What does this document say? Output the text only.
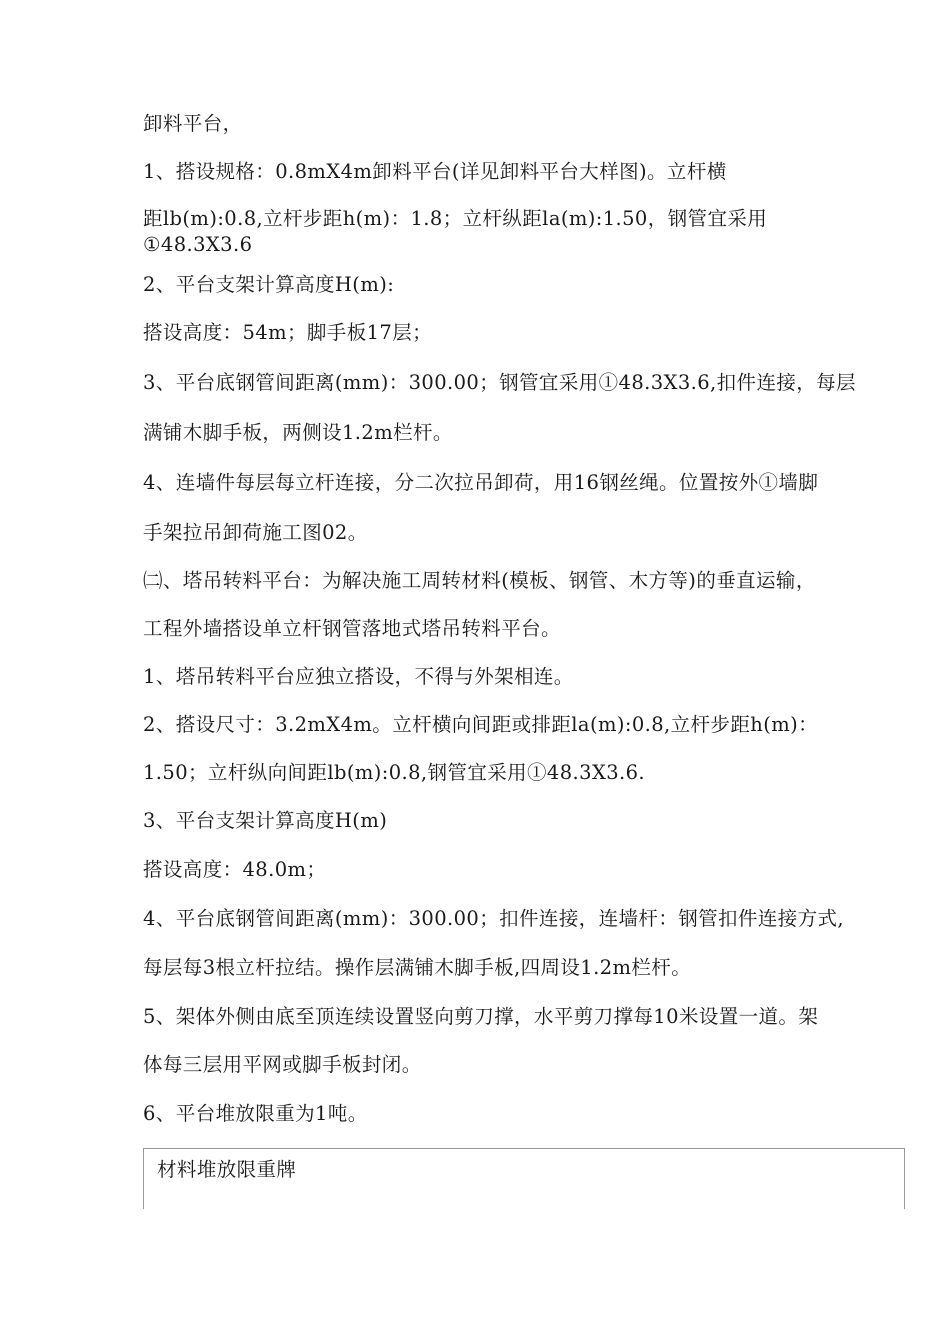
卸料平台，
1、搭设规格：0.8mX4m卸料平台(详见卸料平台大样图)。立杆横
距lb(m):0.8,立杆步距h(m)：1.8；立杆纵距la(m):1.50，钢管宜采用
①48.3X3.6
2、平台支架计算高度H(m):
搭设高度：54m；脚手板17层；
3、平台底钢管间距离(mm)：300.00；钢管宜采用①48.3X3.6,扣件连接，每层
满铺木脚手板，两侧设1.2m栏杆。
4、连墙件每层每立杆连接，分二次拉吊卸荷，用16钢丝绳。位置按外①墙脚
手架拉吊卸荷施工图02。
㈡、塔吊转料平台：为解决施工周转材料(模板、钢管、木方等)的垂直运输，
工程外墙搭设单立杆钢管落地式塔吊转料平台。
1、塔吊转料平台应独立搭设，不得与外架相连。
2、搭设尺寸：3.2mX4m。立杆横向间距或排距la(m):0.8,立杆步距h(m)：
1.50；立杆纵向间距lb(m):0.8,钢管宜采用①48.3X3.6.
3、平台支架计算高度H(m)
搭设高度：48.0m；
4、平台底钢管间距离(mm)：300.00；扣件连接，连墙杆：钢管扣件连接方式,
每层每3根立杆拉结。操作层满铺木脚手板,四周设1.2m栏杆。
5、架体外侧由底至顶连续设置竖向剪刀撑，水平剪刀撑每10米设置一道。架
体每三层用平网或脚手板封闭。
6、平台堆放限重为1吨。
材料堆放限重牌
